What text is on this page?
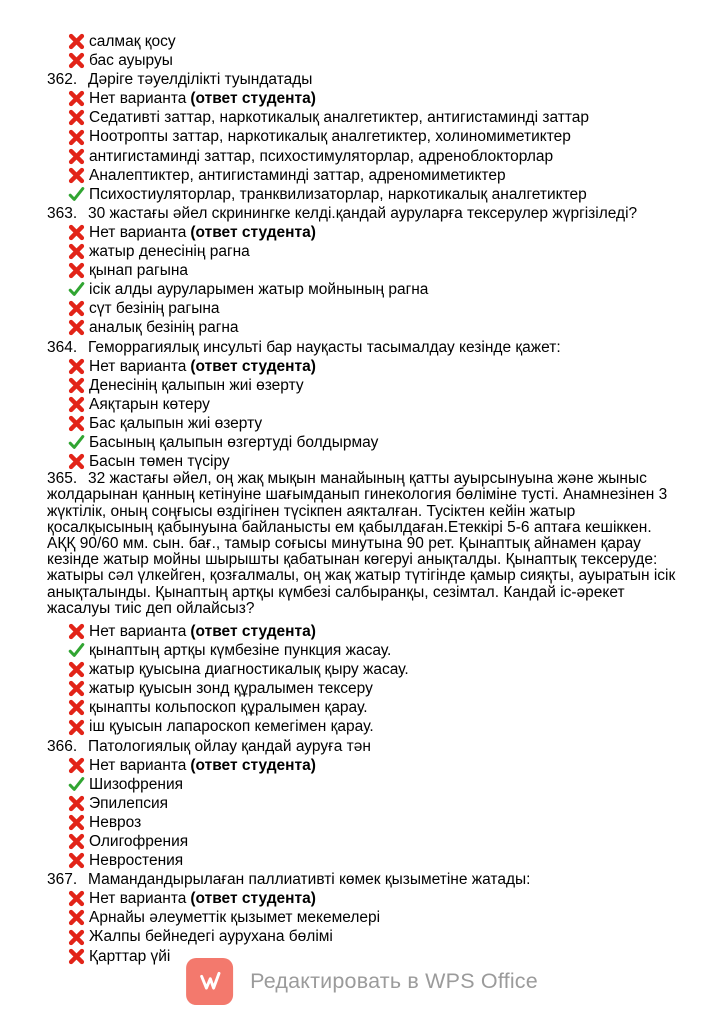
салмақ қосу
бас ауыруы
362. Дәріге тәуелділікті туындатады
Нет варианта (ответ студента)
Седативті заттар, наркотикалық аналгетиктер, антигистаминді заттар
Ноотропты заттар, наркотикалық аналгетиктер, холиномиметиктер
антигистаминді заттар, психостимуляторлар, адреноблокторлар
Аналептиктер, антигистаминді заттар, адреномиметиктер
Психостиуляторлар, транквилизаторлар, наркотикалық аналгетиктер
363. 30 жастағы әйел скринингке келді.қандай ауруларға тексерулер жүргізіледі?
Нет варианта (ответ студента)
жатыр денесінің рагна
қынап рагына
ісік алды ауруларымен жатыр мойнының рагна
сүт безінің рагына
аналық безінің рагна
364. Геморрагиялық инсульті бар науқасты тасымалдау кезінде қажет:
Нет варианта (ответ студента)
Денесінің қалыпын жиі өзерту
Аяқтарын көтеру
Бас қалыпын жиі өзерту
Басының қалыпын өзгертуді болдырмау
Басын төмен түсіру
365. 32 жастағы әйел, оң жақ мықын манайының қатты ауырсынуына және жыныс жолдарынан қанның кетінуіне шағымданып гинекология бөліміне тусті. Анамнезінен 3 жүктілік, оның соңғысы өздігінен түсікпен аякталған. Тусіктен кейін жатыр қосалқысының қабынуына байланысты ем қабылдаған.Етеккірі 5-6 аптаға кешіккен. АҚҚ 90/60 мм. сын. бағ., тамыр соғысы минутына 90 рет. Қынаптық айнамен қарау кезінде жатыр мойны шырышты қабатынан көгеруі анықталды. Қынаптық тексеруде: жатыры сәл үлкейген, қозғалмалы, оң жақ жатыр түтігінде қамыр сияқты, ауыратын ісік анықталынды. Қынаптың артқы күмбезі салбыранқы, сезімтал. Кандай іс-әрекет жасалуы тиіс деп ойлайсыз?
Нет варианта (ответ студента)
қынаптың артқы күмбезіне пункция жасау.
жатыр қуысына диагностикалық қыру жасау.
жатыр қуысын зонд құралымен тексеру
қынапты кольпоскоп құралымен қарау.
іш қуысын лапароскоп кемегімен қарау.
366. Патологиялық ойлау қандай ауруға тән
Нет варианта (ответ студента)
Шизофрения
Эпилепсия
Невроз
Олигофрения
Невростения
367. Мамандандырылаған паллиативті көмек қызыметіне жатады:
Нет варианта (ответ студента)
Арнайы әлеуметтік қызымет мекемелері
Жалпы бейнедегі аурухана бөлімі
Қарттар үйі
Редактировать в WPS Office
